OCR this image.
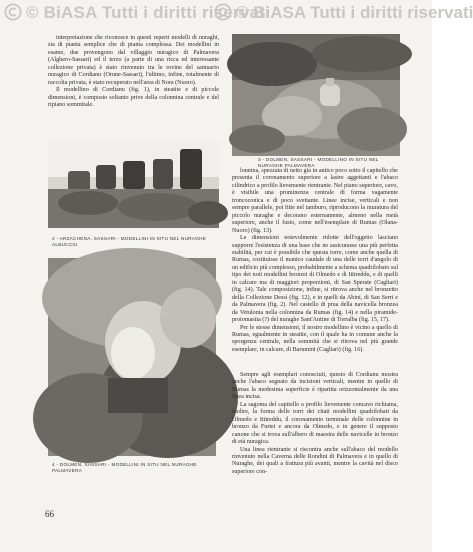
© BiASA Tutti i diritti riservati
© BiASA Tutti i diritti riservati

interpretazione che riconosce in questi reperti modelli di nuraghi, sia di pianta semplice che di pianta complessa. Dei modellini in esame, due provengono dal villaggio nuragico di Palmavera (Alghero-Sassari) ed il terzo (a parte di una ricca ed interessante collezione privata) è stato rinvenuto tra le rovine del santuario nuragico di Cordianu (Orune-Sassari), l'ultimo, infine, totalmente di raccolta privata, è stato recuperato nell'area di Nora (Nuoro).

Il modellino di Cordianu (fig. 1), in steatite e di piccole dimensioni, è composto soltanto prive della colonnina centrale e del ripiano sommitale.

3 - DOLMEN, SASSARI - MODELLINO IN SITU NEL NURAGHE PALMAVERA
2 - ARZACHENA, SASSARI - MODELLINI IN SITU NEL NURAGHE ALBUCCIU

lonnina, spezzata di netto già in antico poco sotto il capitello che presenta il coronamento superiore a lastre aggettanti e l'abaco cilindrico a profilo lievemente rientrante. Nel piano superiore, cavo, è visibile una prominenza centrale di forma vagamente troncoconica e di poco svettante. Linee incise, verticali e non sempre parallele, poi fitte nel tamburo, riproducono la muratura del piccolo nuraghe e decorano esternamente, almeno nella metà superiore, anche il fusto, come nell'esemplare di Rumas (Olana-Nuoro) (fig. 13).

Le dimensioni notevolmente ridotte dell'oggetto lasciano supporre l'esistenza di una base che ne assicurasse una più perfetta stabilità, per cui è possibile che questa torre, come anche quella di Rumas, costituisse il manico caudale di una delle torri d'angolo di un edificio più complesso, probabilmente a schema quadrilobato sul tipo dei noti modellini bronzei di Olmedo e di Ittireddu, e di quelli in calcare ma di maggiori proporzioni, di San Sperate (Cagliari) (fig. 14). Tale composizione, infine, si ritrova anche nel bronzetto della Collezione Dessì (fig. 12), e in quelli da Abini, di San Serri e da Palmavera (fig. 2). Nel castello di prua della navicella bronzea da Vetulonia nella colonnina da Rumas (fig. 14) e nella piramide-protomastia (?) del nuraghe Sant'Antine di Torralba (fig. 15, 17).

Per le stesse dimensioni, il nostro modellino è vicino a quello di Rumas, egualmente in steatite, con il quale ha in comune anche la sporgenza centrale, nella sommità che si ritrova nel più grande esemplare, in calcare, di Barumini (Cagliari) (fig. 16).

4 - DOLMEN, SASSARI - MODELLINI IN SITU NEL NURAGHE PALMAVERA

Sempre agli esemplari conosciuti, questo di Cordianu mostra anche l'abaco segnato da incisioni verticali, mentre in quello di Rumas la medesima superficie è ripartita orizzontalmente da una linea incisa.

La sagoma del capitello a profilo lievemente concavo richiama, inoltre, la forma delle torri dei citati modellini quadrilobati da Olmedo e Ittireddu, il coronamento terminale delle colonnine in bronzo da Furtei e ancora da Olmedo, e in genere il supposto canone che si trova sull'albero di maestra delle navicelle in bronzo di età nuragica.

Una linea rientrante si riscontra anche sull'abaco del modello rinvenuto nella Caverna delle Rondini di Palmavera e in quello di Nuraghe, dei quali a frattura più avanti, mentre la cavità nel disco superiore con-

66
